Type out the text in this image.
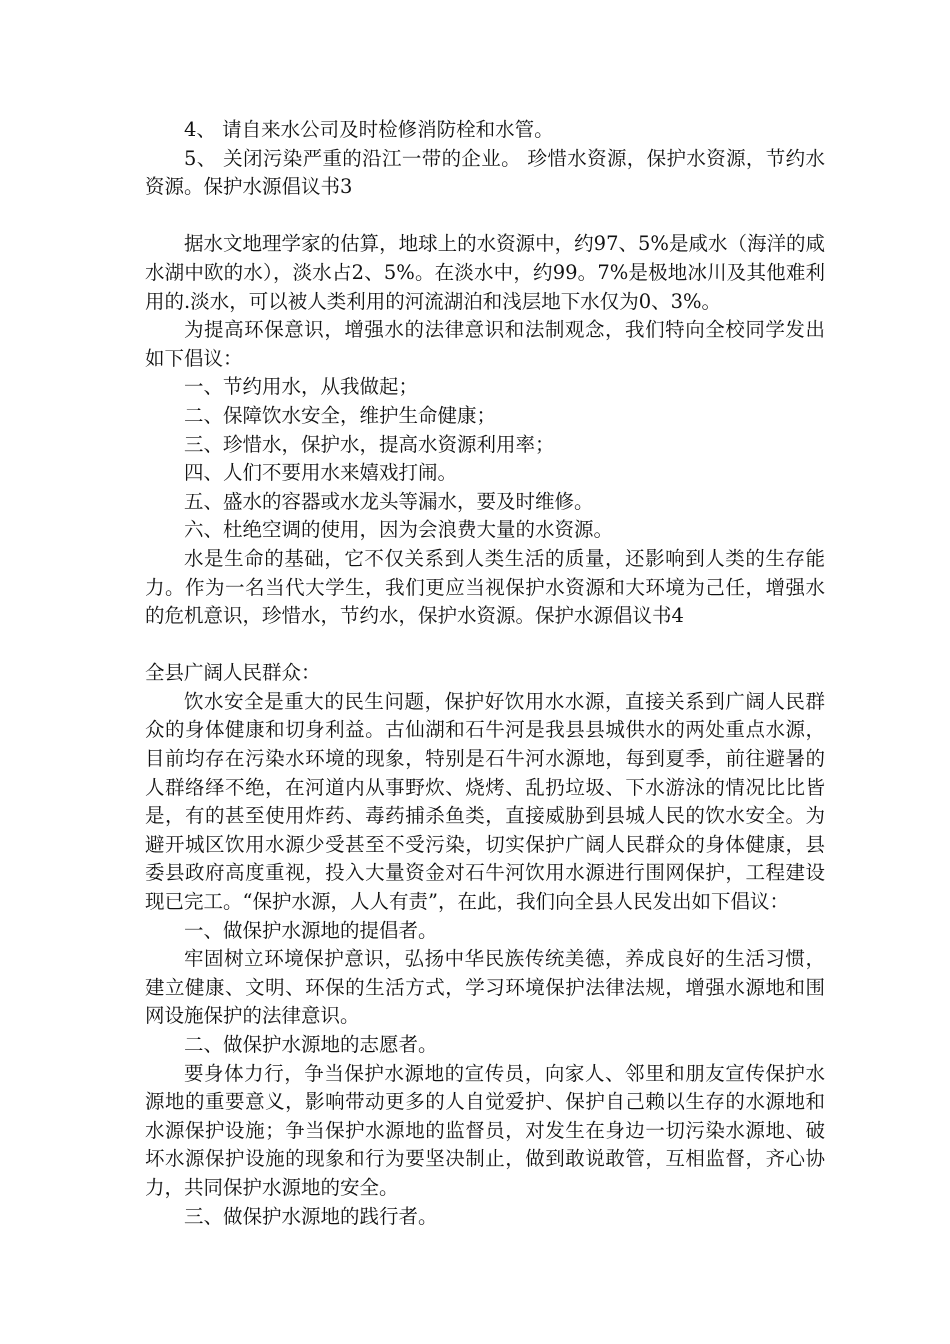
4、 请自来水公司及时检修消防栓和水管。

5、 关闭污染严重的沿江一带的企业。 珍惜水资源，保护水资源，节约水资源。保护水源倡议书3

据水文地理学家的估算，地球上的水资源中，约97、5%是咸水（海洋的咸水湖中欧的水），淡水占2、5%。在淡水中，约99。7%是极地冰川及其他难利用的.淡水，可以被人类利用的河流湖泊和浅层地下水仅为0、3%。

为提高环保意识，增强水的法律意识和法制观念，我们特向全校同学发出如下倡议：

一、节约用水，从我做起；

二、保障饮水安全，维护生命健康；

三、珍惜水，保护水，提高水资源利用率；

四、人们不要用水来嬉戏打闹。

五、盛水的容器或水龙头等漏水，要及时维修。

六、杜绝空调的使用，因为会浪费大量的水资源。

水是生命的基础，它不仅关系到人类生活的质量，还影响到人类的生存能力。作为一名当代大学生，我们更应当视保护水资源和大环境为己任，增强水的危机意识，珍惜水，节约水，保护水资源。保护水源倡议书4

全县广阔人民群众：

饮水安全是重大的民生问题，保护好饮用水水源，直接关系到广阔人民群众的身体健康和切身利益。古仙湖和石牛河是我县县城供水的两处重点水源，目前均存在污染水环境的现象，特别是石牛河水源地，每到夏季，前往避暑的人群络绎不绝，在河道内从事野炊、烧烤、乱扔垃圾、下水游泳的情况比比皆是，有的甚至使用炸药、毒药捕杀鱼类，直接威胁到县城人民的饮水安全。为避开城区饮用水源少受甚至不受污染，切实保护广阔人民群众的身体健康，县委县政府高度重视，投入大量资金对石牛河饮用水源进行围网保护，工程建设现已完工。“保护水源，人人有责”，在此，我们向全县人民发出如下倡议：

一、做保护水源地的提倡者。

牢固树立环境保护意识，弘扬中华民族传统美德，养成良好的生活习惯，建立健康、文明、环保的生活方式，学习环境保护法律法规，增强水源地和围网设施保护的法律意识。

二、做保护水源地的志愿者。

要身体力行，争当保护水源地的宣传员，向家人、邻里和朋友宣传保护水源地的重要意义，影响带动更多的人自觉爱护、保护自己赖以生存的水源地和水源保护设施；争当保护水源地的监督员，对发生在身边一切污染水源地、破坏水源保护设施的现象和行为要坚决制止，做到敢说敢管，互相监督，齐心协力，共同保护水源地的安全。

三、做保护水源地的践行者。
